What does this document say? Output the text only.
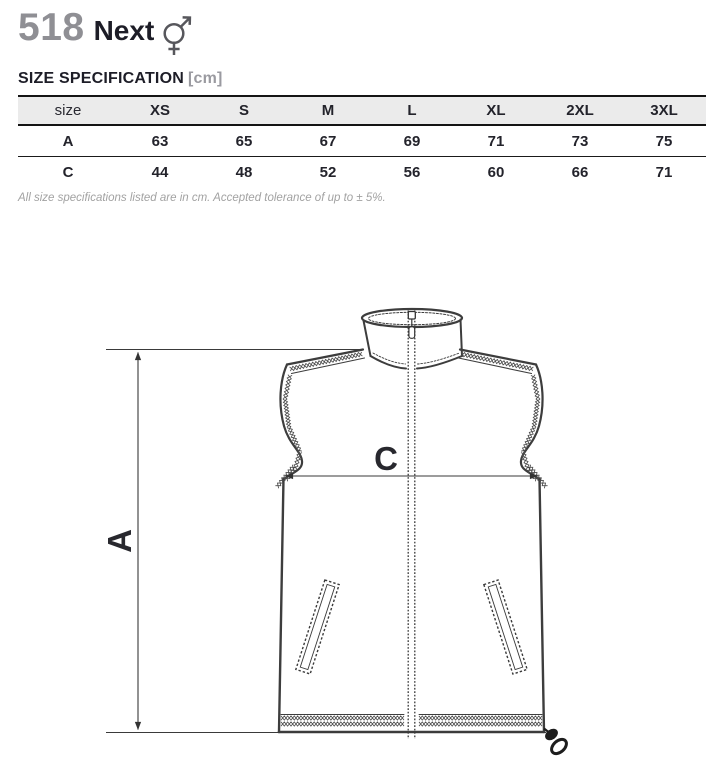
518 Next
SIZE SPECIFICATION [cm]
size	XS	S	M	L	XL	2XL	3XL
A	63	65	67	69	71	73	75
C	44	48	52	56	60	66	71
All size specifications listed are in cm. Accepted tolerance of up to ± 5%.
A
C
